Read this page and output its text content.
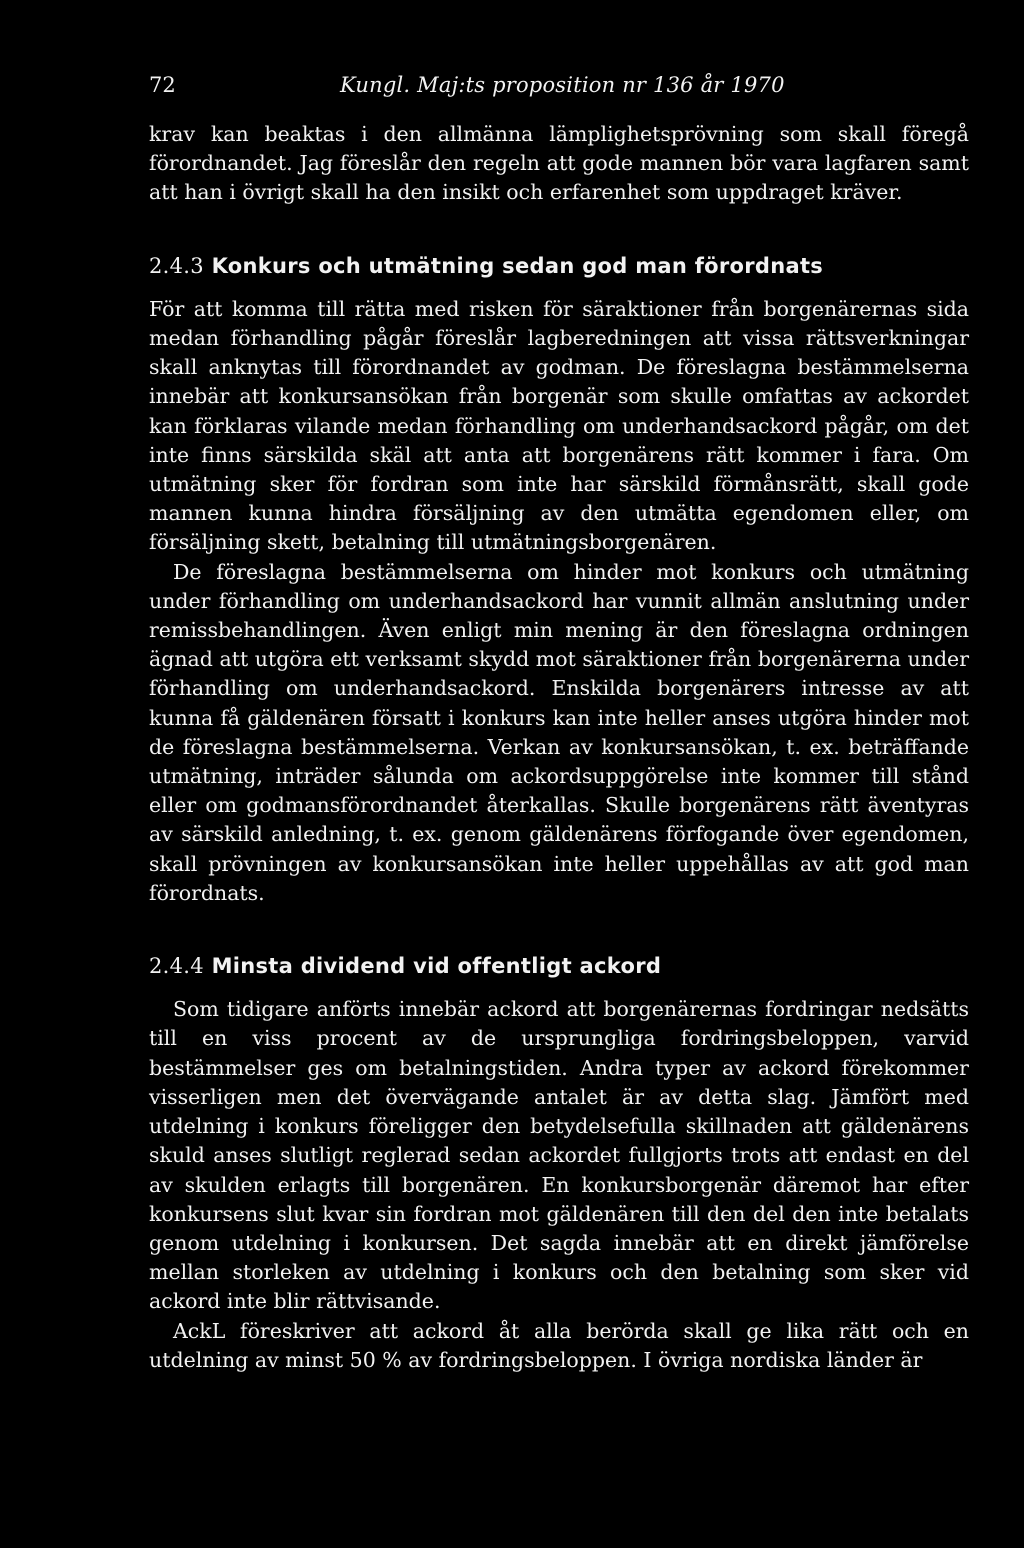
72	Kungl. Maj:ts proposition nr 136 år 1970

krav kan beaktas i den allmänna lämplighetsprövning som skall föregå förordnandet. Jag föreslår den regeln att gode mannen bör vara lagfaren samt att han i övrigt skall ha den insikt och erfarenhet som uppdraget kräver.

2.4.3 Konkurs och utmätning sedan god man förordnats

För att komma till rätta med risken för säraktioner från borgenärernas sida medan förhandling pågår föreslår lagberedningen att vissa rättsverkningar skall anknytas till förordnandet av godman. De föreslagna bestämmelserna innebär att konkursansökan från borgenär som skulle omfattas av ackordet kan förklaras vilande medan förhandling om underhandsackord pågår, om det inte finns särskilda skäl att anta att borgenärens rätt kommer i fara. Om utmätning sker för fordran som inte har särskild förmånsrätt, skall gode mannen kunna hindra försäljning av den utmätta egendomen eller, om försäljning skett, betalning till utmätningsborgenären.

De föreslagna bestämmelserna om hinder mot konkurs och utmätning under förhandling om underhandsackord har vunnit allmän anslutning under remissbehandlingen. Även enligt min mening är den föreslagna ordningen ägnad att utgöra ett verksamt skydd mot säraktioner från borgenärerna under förhandling om underhandsackord. Enskilda borgenärers intresse av att kunna få gäldenären försatt i konkurs kan inte heller anses utgöra hinder mot de föreslagna bestämmelserna. Verkan av konkursansökan, t. ex. beträffande utmätning, inträder sålunda om ackordsuppgörelse inte kommer till stånd eller om godmansförordnandet återkallas. Skulle borgenärens rätt äventyras av särskild anledning, t. ex. genom gäldenärens förfogande över egendomen, skall prövningen av konkursansökan inte heller uppehållas av att god man förordnats.

2.4.4 Minsta dividend vid offentligt ackord

Som tidigare anförts innebär ackord att borgenärernas fordringar nedsätts till en viss procent av de ursprungliga fordringsbeloppen, varvid bestämmelser ges om betalningstiden. Andra typer av ackord förekommer visserligen men det övervägande antalet är av detta slag. Jämfört med utdelning i konkurs föreligger den betydelsefulla skillnaden att gäldenärens skuld anses slutligt reglerad sedan ackordet fullgjorts trots att endast en del av skulden erlagts till borgenären. En konkursborgenär däremot har efter konkursens slut kvar sin fordran mot gäldenären till den del den inte betalats genom utdelning i konkursen. Det sagda innebär att en direkt jämförelse mellan storleken av utdelning i konkurs och den betalning som sker vid ackord inte blir rättvisande.

AckL föreskriver att ackord åt alla berörda skall ge lika rätt och en utdelning av minst 50 % av fordringsbeloppen. I övriga nordiska länder är
